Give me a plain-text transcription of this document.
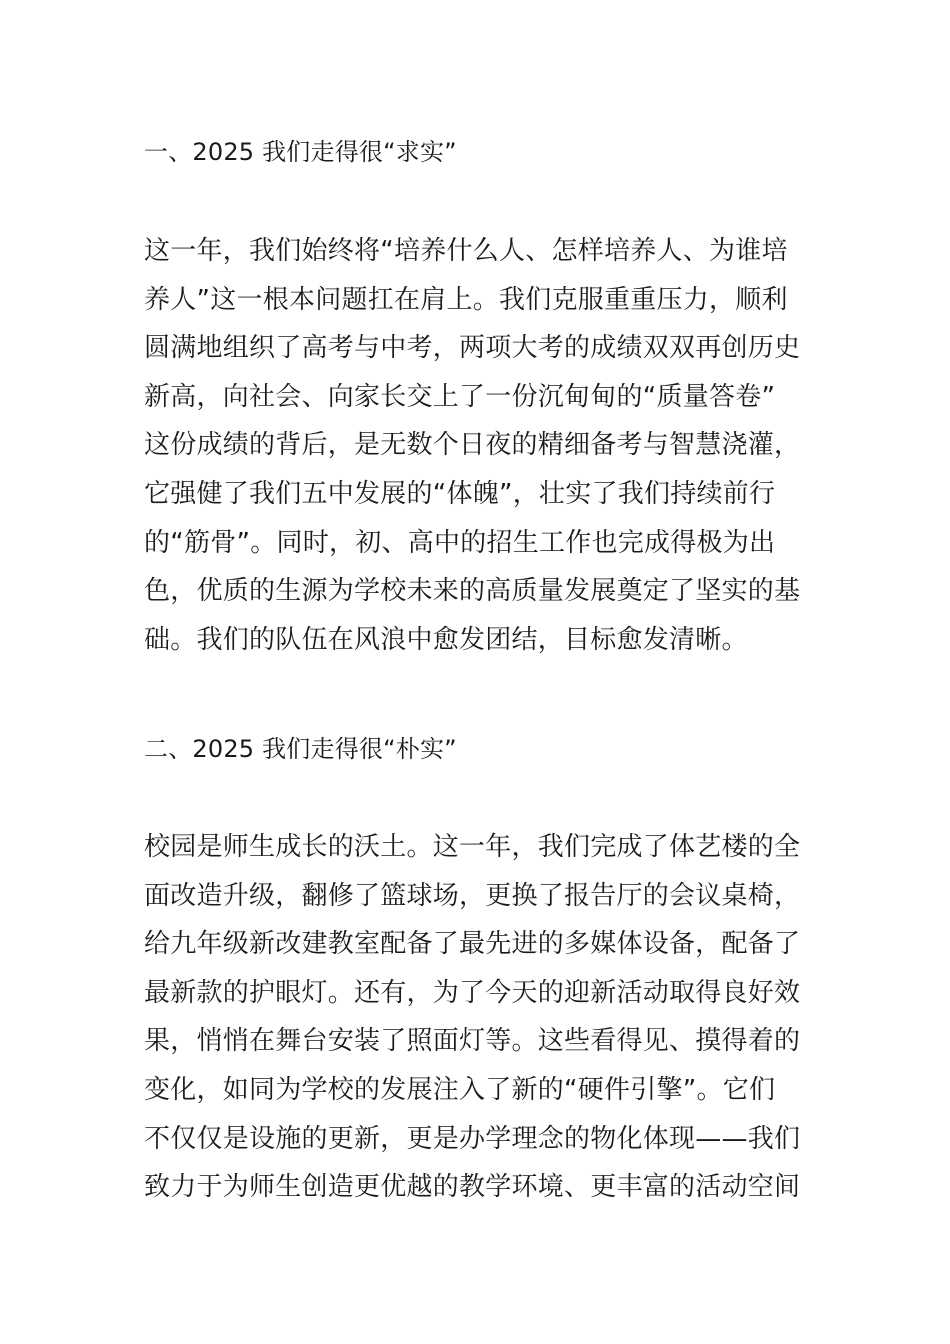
一、2025 我们走得很“求实”
这一年，我们始终将“培养什么人、怎样培养人、为谁培
养人”这一根本问题扛在肩上。我们克服重重压力，顺利
圆满地组织了高考与中考，两项大考的成绩双双再创历史
新高，向社会、向家长交上了一份沉甸甸的“质量答卷”
这份成绩的背后，是无数个日夜的精细备考与智慧浇灌，
它强健了我们五中发展的“体魄”，壮实了我们持续前行
的“筋骨”。同时，初、高中的招生工作也完成得极为出
色，优质的生源为学校未来的高质量发展奠定了坚实的基
础。我们的队伍在风浪中愈发团结，目标愈发清晰。
二、2025 我们走得很“朴实”
校园是师生成长的沃土。这一年，我们完成了体艺楼的全
面改造升级，翻修了篮球场，更换了报告厅的会议桌椅，
给九年级新改建教室配备了最先进的多媒体设备，配备了
最新款的护眼灯。还有，为了今天的迎新活动取得良好效
果，悄悄在舞台安装了照面灯等。这些看得见、摸得着的
变化，如同为学校的发展注入了新的“硬件引擎”。它们
不仅仅是设施的更新，更是办学理念的物化体现——我们
致力于为师生创造更优越的教学环境、更丰富的活动空间
